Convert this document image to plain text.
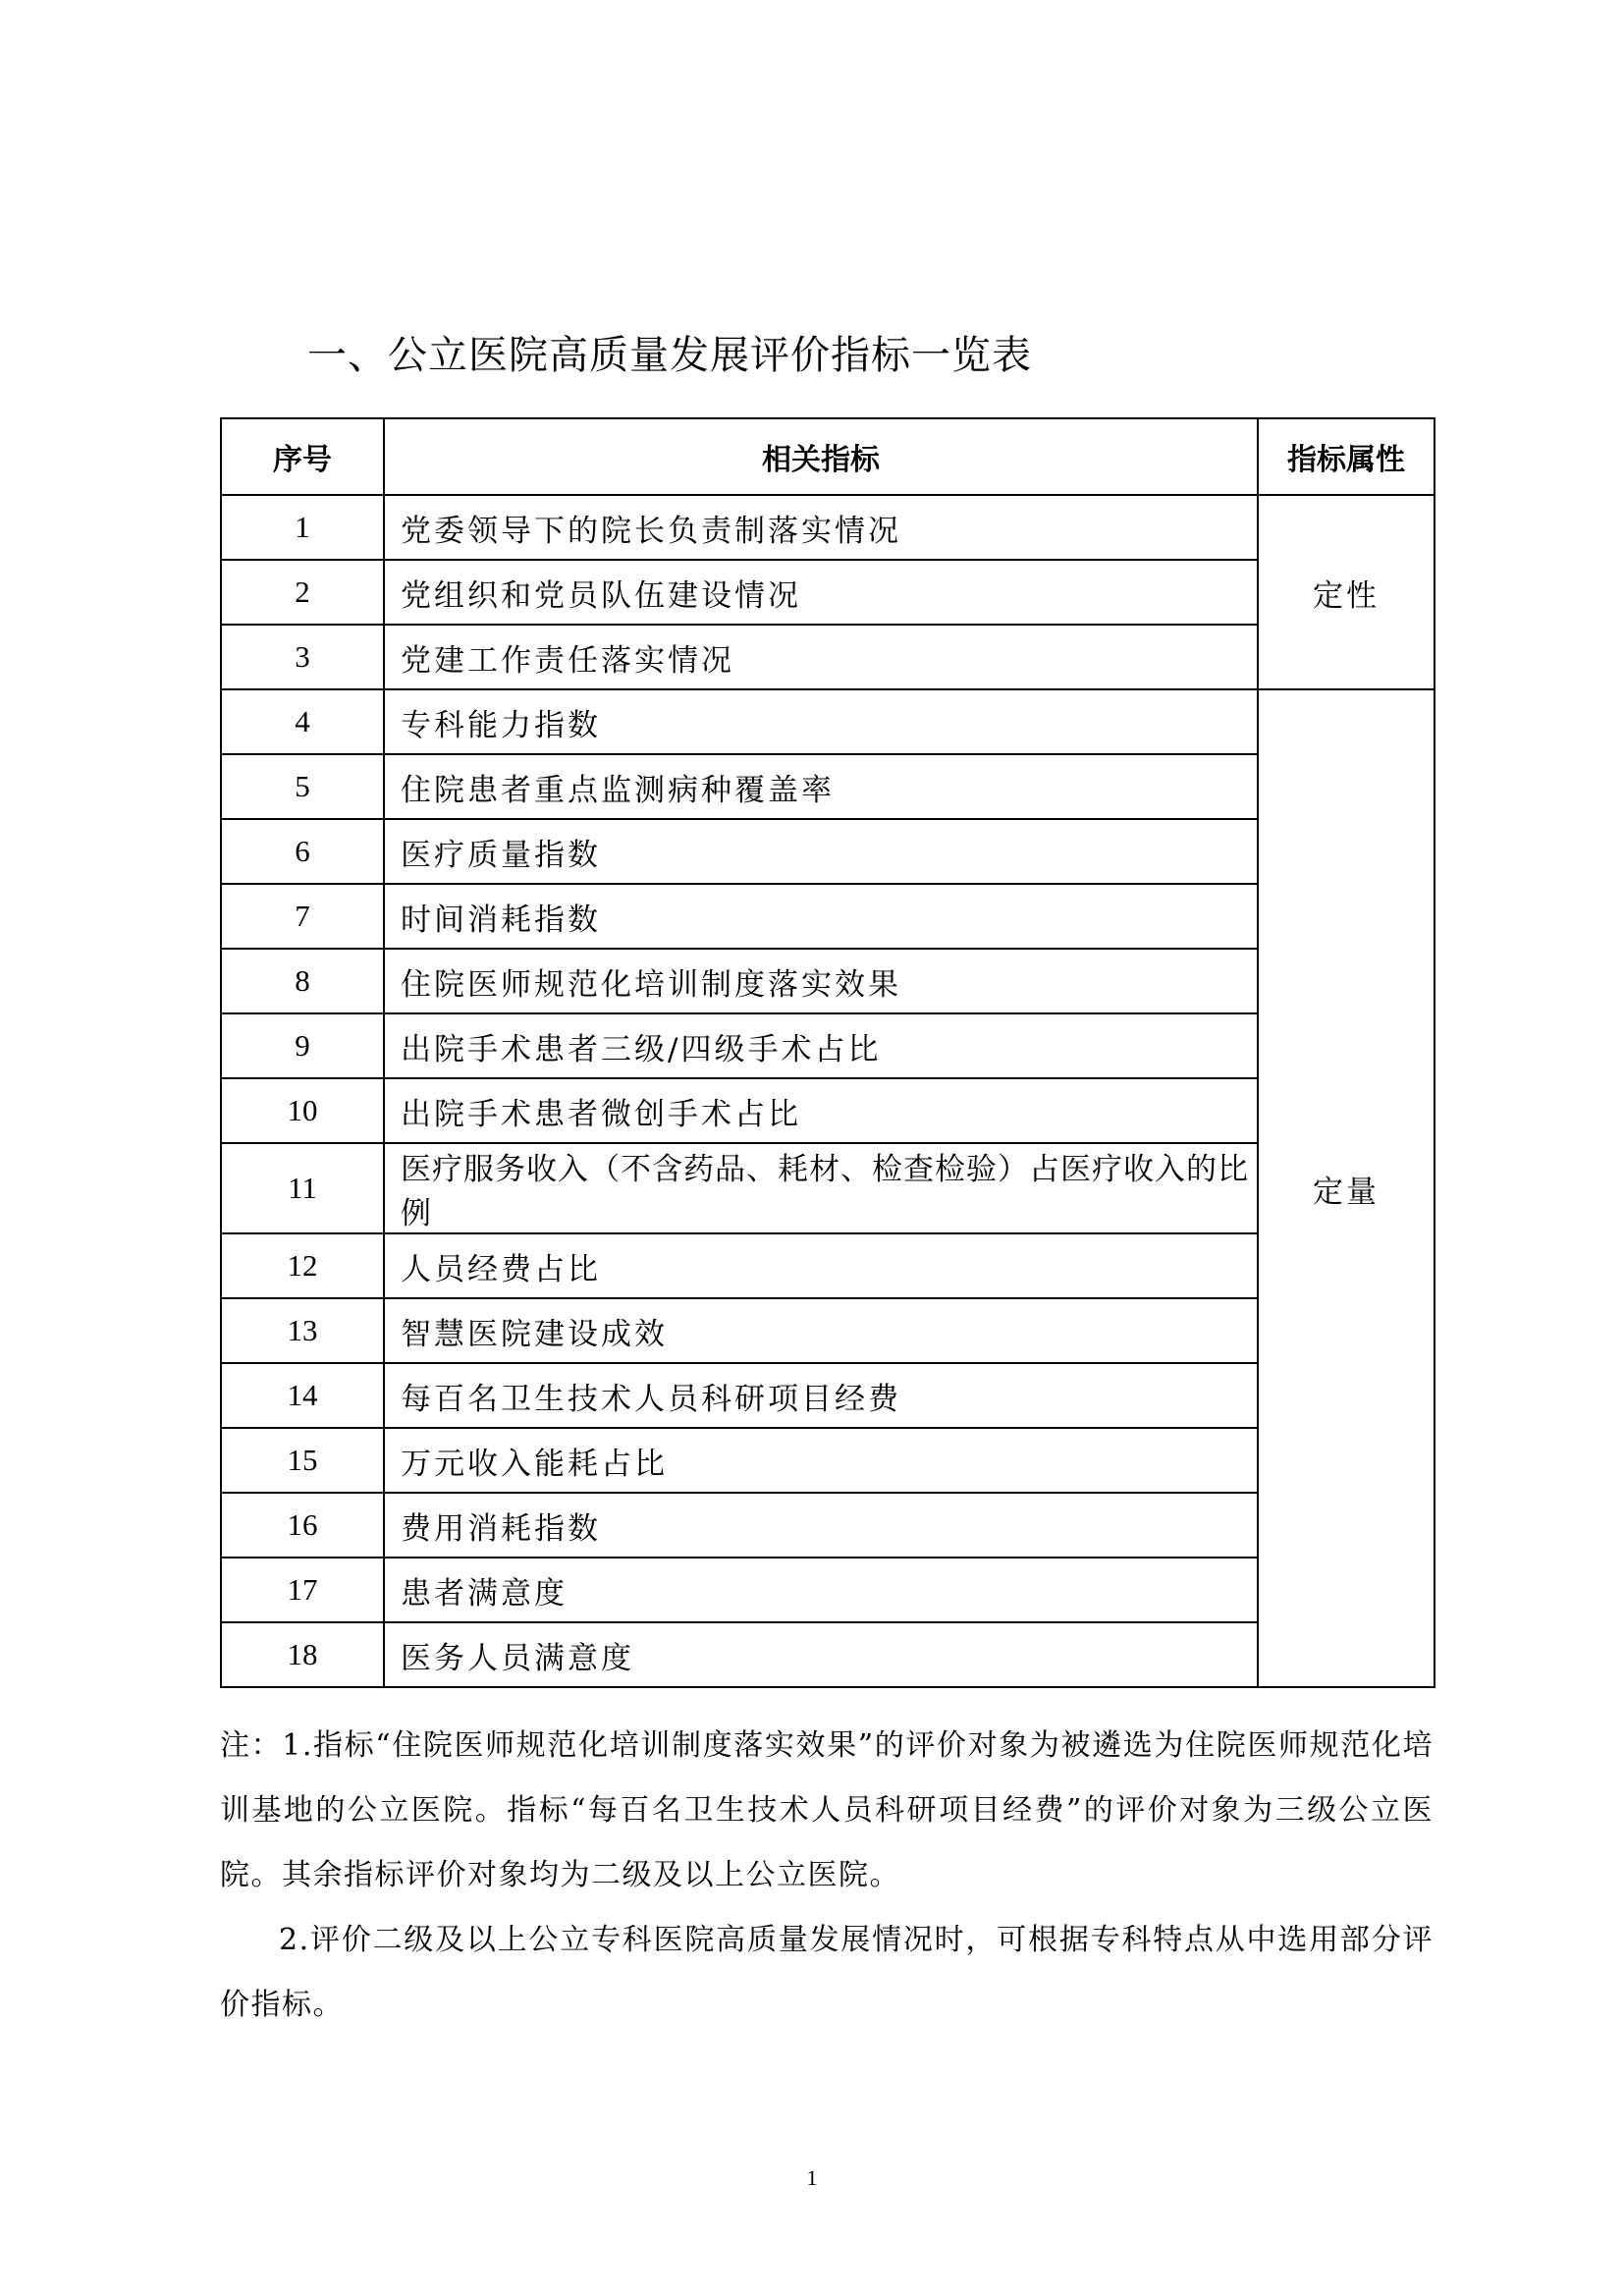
一、公立医院高质量发展评价指标一览表
序号	相关指标	指标属性
1	党委领导下的院长负责制落实情况	定性
2	党组织和党员队伍建设情况	
3	党建工作责任落实情况	
4	专科能力指数	定量
5	住院患者重点监测病种覆盖率	
6	医疗质量指数	
7	时间消耗指数	
8	住院医师规范化培训制度落实效果	
9	出院手术患者三级/四级手术占比	
10	出院手术患者微创手术占比	
11	医疗服务收入（不含药品、耗材、检查检验）占医疗收入的比例	
12	人员经费占比	
13	智慧医院建设成效	
14	每百名卫生技术人员科研项目经费	
15	万元收入能耗占比	
16	费用消耗指数	
17	患者满意度	
18	医务人员满意度	

注：1.指标“住院医师规范化培训制度落实效果”的评价对象为被遴选为住院医师规范化培训基地的公立医院。指标“每百名卫生技术人员科研项目经费”的评价对象为三级公立医院。其余指标评价对象均为二级及以上公立医院。

2.评价二级及以上公立专科医院高质量发展情况时，可根据专科特点从中选用部分评价指标。

1
